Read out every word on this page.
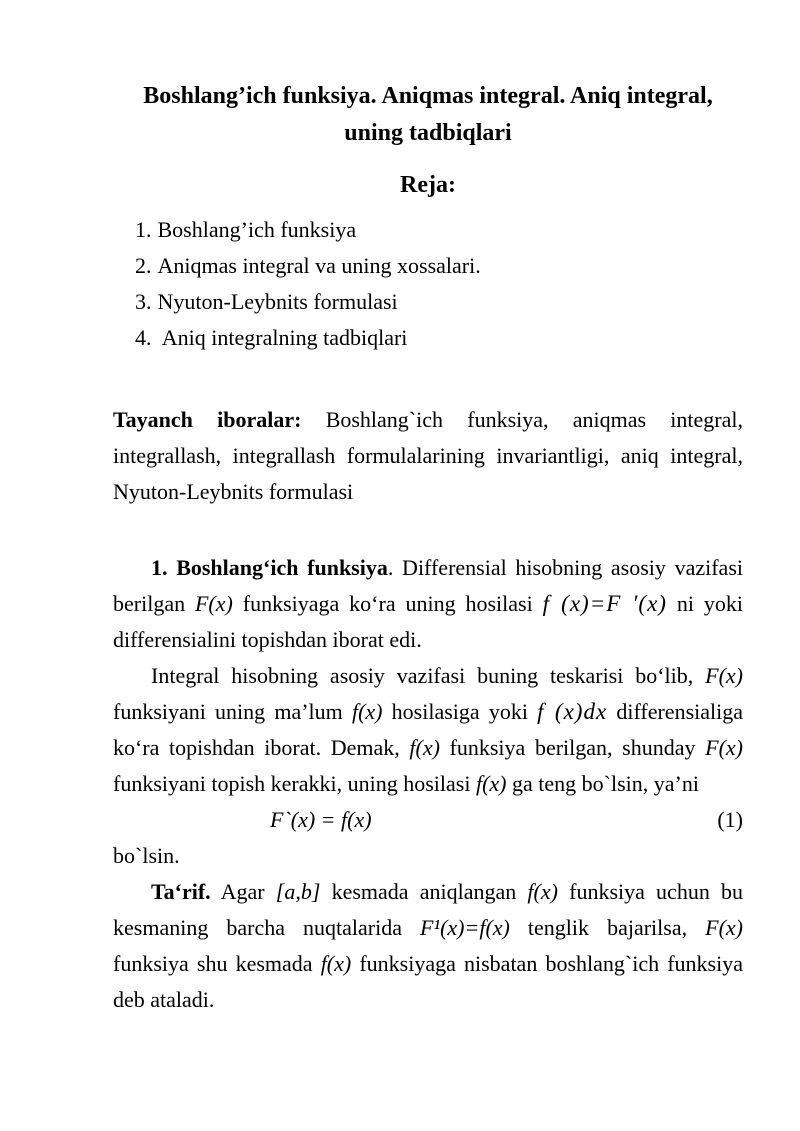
Boshlang’ich funksiya. Aniqmas integral. Aniq integral, uning tadbiqlari
Reja:
1. Boshlang’ich funksiya
2. Aniqmas integral va uning xossalari.
3. Nyuton-Leybnits formulasi
4. Aniq integralning tadbiqlari

Tayanch iboralar: Boshlang`ich funksiya, aniqmas integral, integrallash, integrallash formulalarining invariantligi, aniq integral, Nyuton-Leybnits formulasi

1. Boshlang‘ich funksiya. Differensial hisobning asosiy vazifasi berilgan F(x) funksiyaga ko‘ra uning hosilasi f (x)=F ′(x) ni yoki differensialini topishdan iborat edi.

Integral hisobning asosiy vazifasi buning teskarisi bo‘lib, F(x) funksiyani uning ma’lum f(x) hosilasiga yoki f (x)dx differensialiga ko‘ra topishdan iborat. Demak, f(x) funksiya berilgan, shunday F(x) funksiyani topish kerakki, uning hosilasi f(x) ga teng bo`lsin, ya’ni

F`(x) = f(x)	(1)

bo`lsin.

Ta‘rif. Agar [a,b] kesmada aniqlangan f(x) funksiya uchun bu kesmaning barcha nuqtalarida F¹(x)=f(x) tenglik bajarilsa, F(x) funksiya shu kesmada f(x) funksiyaga nisbatan boshlang`ich funksiya deb ataladi.
